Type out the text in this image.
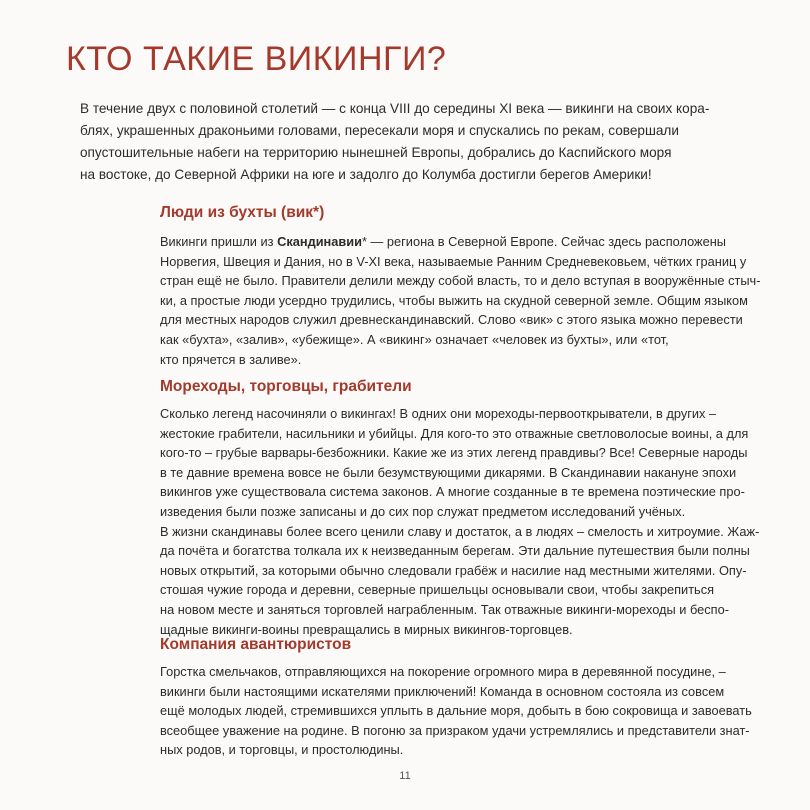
КТО ТАКИЕ ВИКИНГИ?

В течение двух с половиной столетий — с конца VIII до середины XI века — викинги на своих кора-
блях, украшенных драконьими головами, пересекали моря и спускались по рекам, совершали
опустошительные набеги на территорию нынешней Европы, добрались до Каспийского моря
на востоке, до Северной Африки на юге и задолго до Колумба достигли берегов Америки!

Люди из бухты (вик*)

Викинги пришли из Скандинавии* — региона в Северной Европе. Сейчас здесь расположены
Норвегия, Швеция и Дания, но в V-XI века, называемые Ранним Средневековьем, чётких границ у
стран ещё не было. Правители делили между собой власть, то и дело вступая в вооружённые стыч-
ки, а простые люди усердно трудились, чтобы выжить на скудной северной земле. Общим языком
для местных народов служил древнескандинавский. Слово «вик» с этого языка можно перевести
как «бухта», «залив», «убежище». А «викинг» означает «человек из бухты», или «тот,
кто прячется в заливе».

Мореходы, торговцы, грабители

Сколько легенд насочиняли о викингах! В одних они мореходы-первооткрыватели, в других –
жестокие грабители, насильники и убийцы. Для кого-то это отважные светловолосые воины, а для
кого-то – грубые варвары-безбожники. Какие же из этих легенд правдивы? Все! Северные народы
в те давние времена вовсе не были безумствующими дикарями. В Скандинавии накануне эпохи
викингов уже существовала система законов. А многие созданные в те времена поэтические про-
изведения были позже записаны и до сих пор служат предметом исследований учёных.
В жизни скандинавы более всего ценили славу и достаток, а в людях – смелость и хитроумие. Жаж-
да почёта и богатства толкала их к неизведанным берегам. Эти дальние путешествия были полны
новых открытий, за которыми обычно следовали грабёж и насилие над местными жителями. Опу-
стошая чужие города и деревни, северные пришельцы основывали свои, чтобы закрепиться
на новом месте и заняться торговлей награбленным. Так отважные викинги-мореходы и беспо-
щадные викинги-воины превращались в мирных викингов-торговцев.

Компания авантюристов

Горстка смельчаков, отправляющихся на покорение огромного мира в деревянной посудине, –
викинги были настоящими искателями приключений! Команда в основном состояла из совсем
ещё молодых людей, стремившихся уплыть в дальние моря, добыть в бою сокровища и завоевать
всеобщее уважение на родине. В погоню за призраком удачи устремлялись и представители знат-
ных родов, и торговцы, и простолюдины.

11
